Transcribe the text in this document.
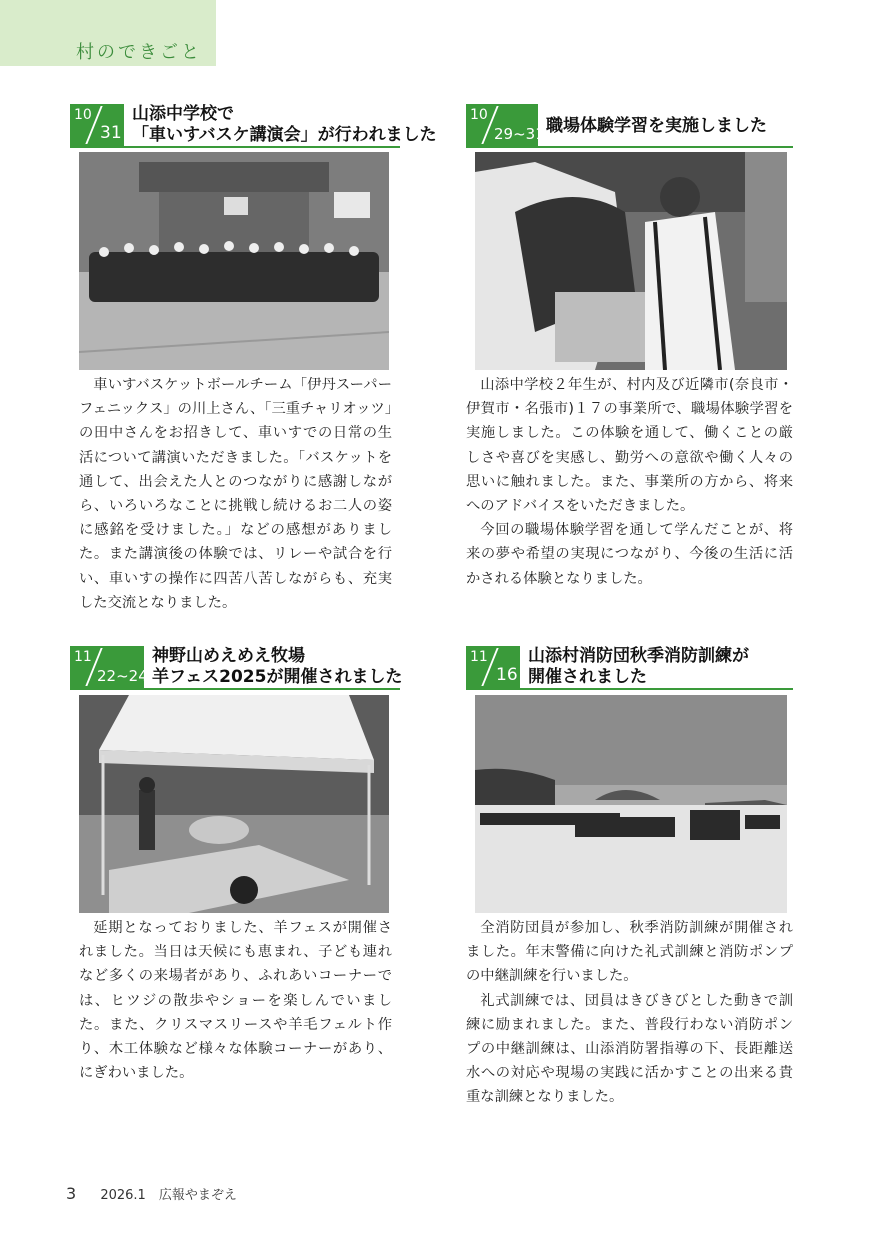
村のできごと
10
31
山添中学校で
「車いすバスケ講演会」が行われました

車いすバスケットボールチーム「伊丹スーパーフェニックス」の川上さん、「三重チャリオッツ」の田中さんをお招きして、車いすでの日常の生活について講演いただきました。「バスケットを通して、出会えた人とのつながりに感謝しながら、いろいろなことに挑戦し続けるお二人の姿に感銘を受けました。」などの感想がありました。また講演後の体験では、リレーや試合を行い、車いすの操作に四苦八苦しながらも、充実した交流となりました。

10
29~31 職場体験学習を実施しました

山添中学校２年生が、村内及び近隣市(奈良市・伊賀市・名張市)１７の事業所で、職場体験学習を実施しました。この体験を通して、働くことの厳しさや喜びを実感し、勤労への意欲や働く人々の思いに触れました。また、事業所の方から、将来へのアドバイスをいただきました。

今回の職場体験学習を通して学んだことが、将来の夢や希望の実現につながり、今後の生活に活かされる体験となりました。

11
22~24
神野山めえめえ牧場
羊フェス2025が開催されました

延期となっておりました、羊フェスが開催されました。当日は天候にも恵まれ、子ども連れなど多くの来場者があり、ふれあいコーナーでは、ヒツジの散歩やショーを楽しんでいました。また、クリスマスリースや羊毛フェルト作り、木工体験など様々な体験コーナーがあり、にぎわいました。

11
16
山添村消防団秋季消防訓練が
開催されました

全消防団員が参加し、秋季消防訓練が開催されました。年末警備に向けた礼式訓練と消防ポンプの中継訓練を行いました。

礼式訓練では、団員はきびきびとした動きで訓練に励まれました。また、普段行わない消防ポンプの中継訓練は、山添消防署指導の下、長距離送水への対応や現場の実践に活かすことの出来る貴重な訓練となりました。

3 2026.1　広報やまぞえ
